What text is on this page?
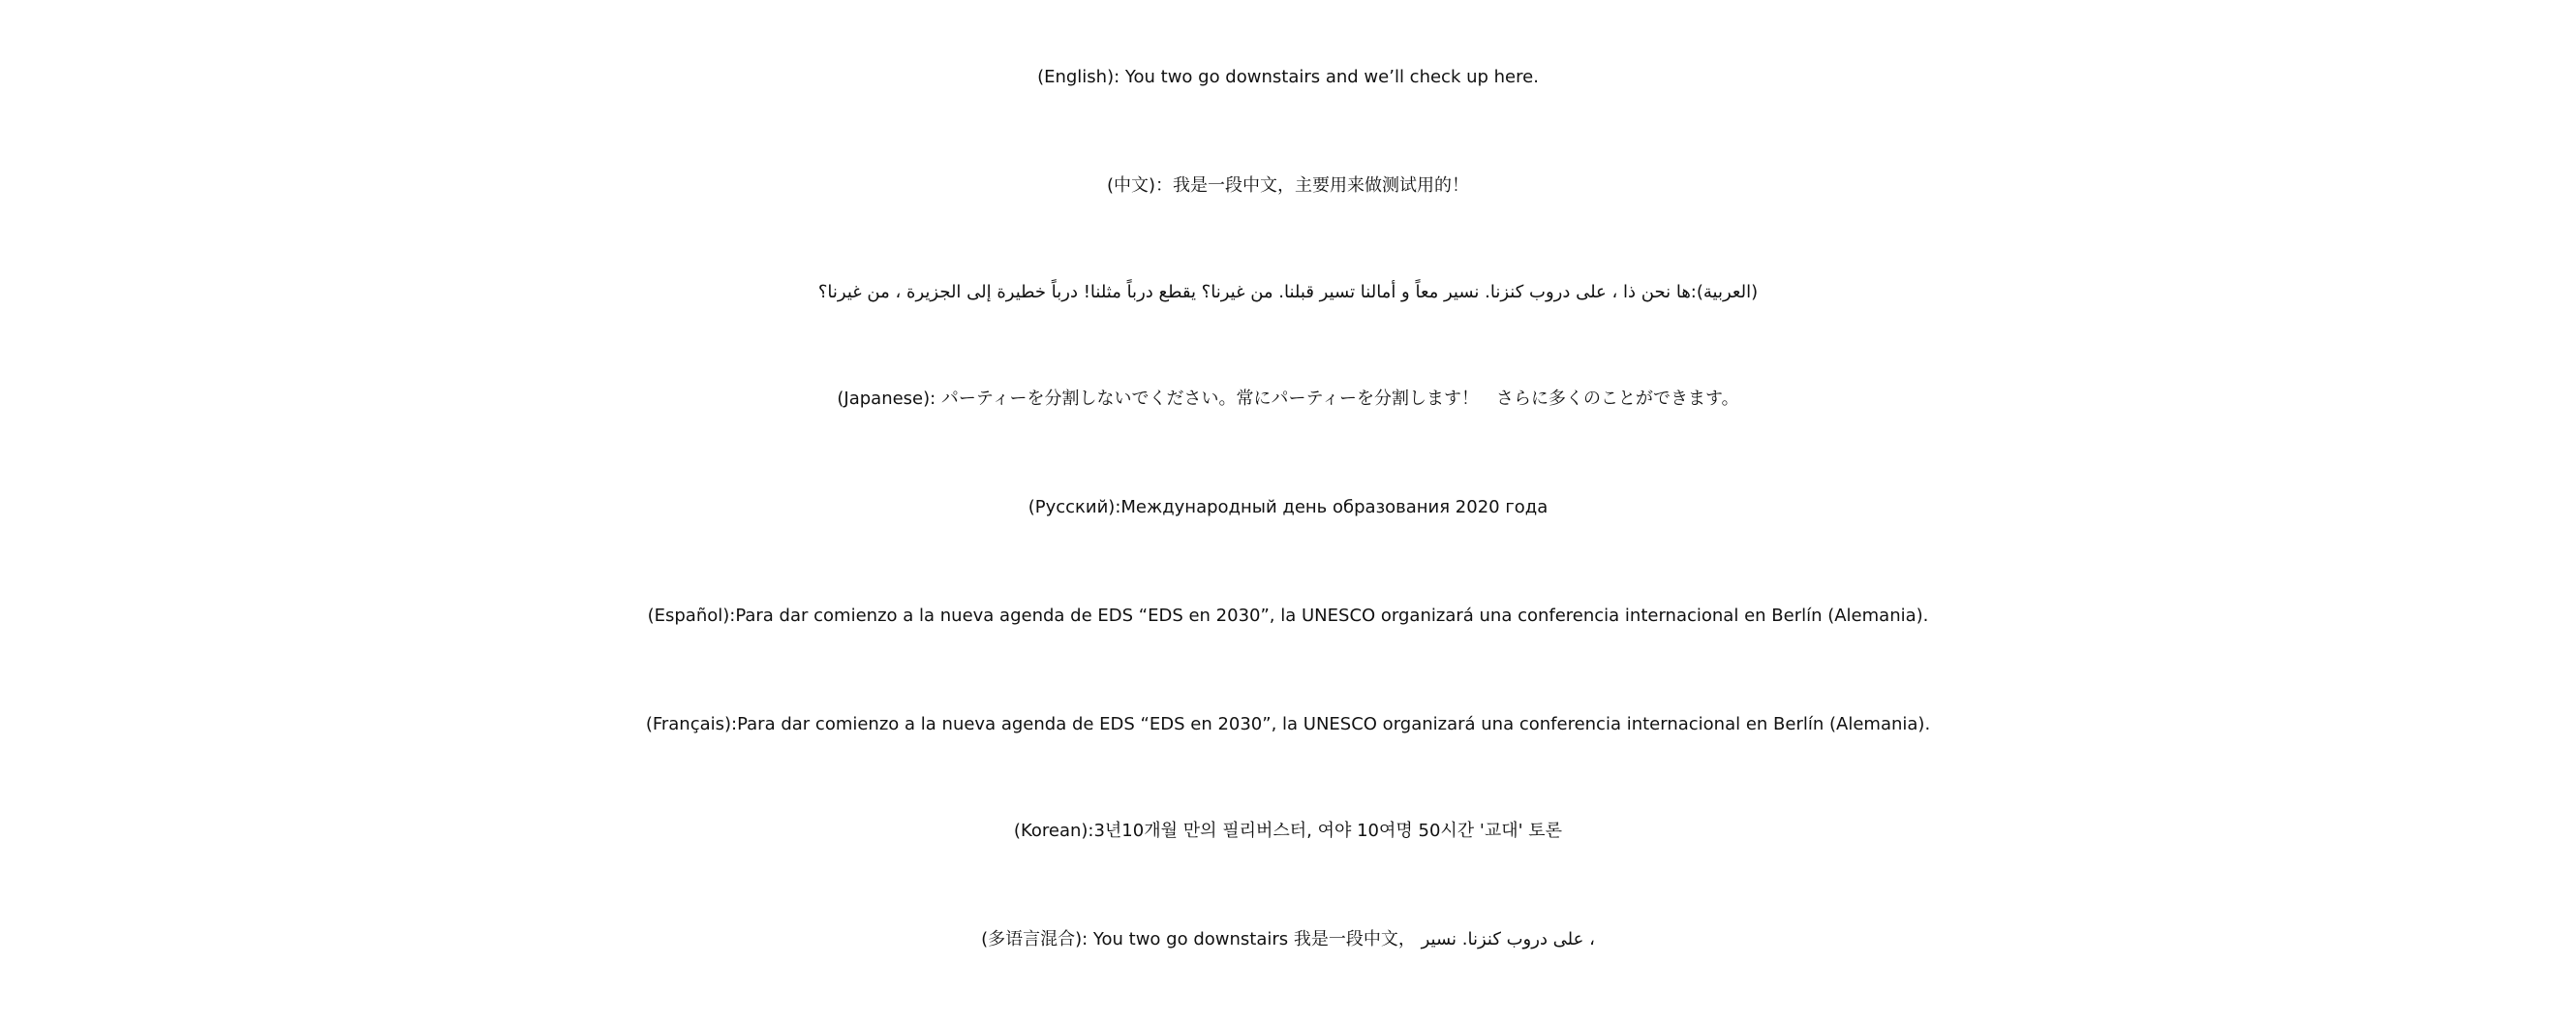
(English): You two go downstairs and we’ll check up here.
(中文)：我是一段中文，主要用来做测试用的！
(العربية):ها نحن ذا ، على دروب كنزنا. نسير معاً و أمالنا تسير قبلنا. من غيرنا؟ يقطع درباً مثلنا! درباً خطيرة إلى الجزيرة ، من غيرنا؟
(Japanese): パーティーを分割しないでください。常にパーティーを分割します！　さらに多くのことができます。
(Русский):Международный день образования 2020 года
(Español):Para dar comienzo a la nueva agenda de EDS “EDS en 2030”, la UNESCO organizará una conferencia internacional en Berlín (Alemania).
(Français):Para dar comienzo a la nueva agenda de EDS “EDS en 2030”, la UNESCO organizará una conferencia internacional en Berlín (Alemania).
(Korean):3년10개월 만의 필리버스터, 여야 10여명 50시간 '교대' 토론
(多语言混合): You two go downstairs 我是一段中文， ، على دروب كنزنا. نسير
